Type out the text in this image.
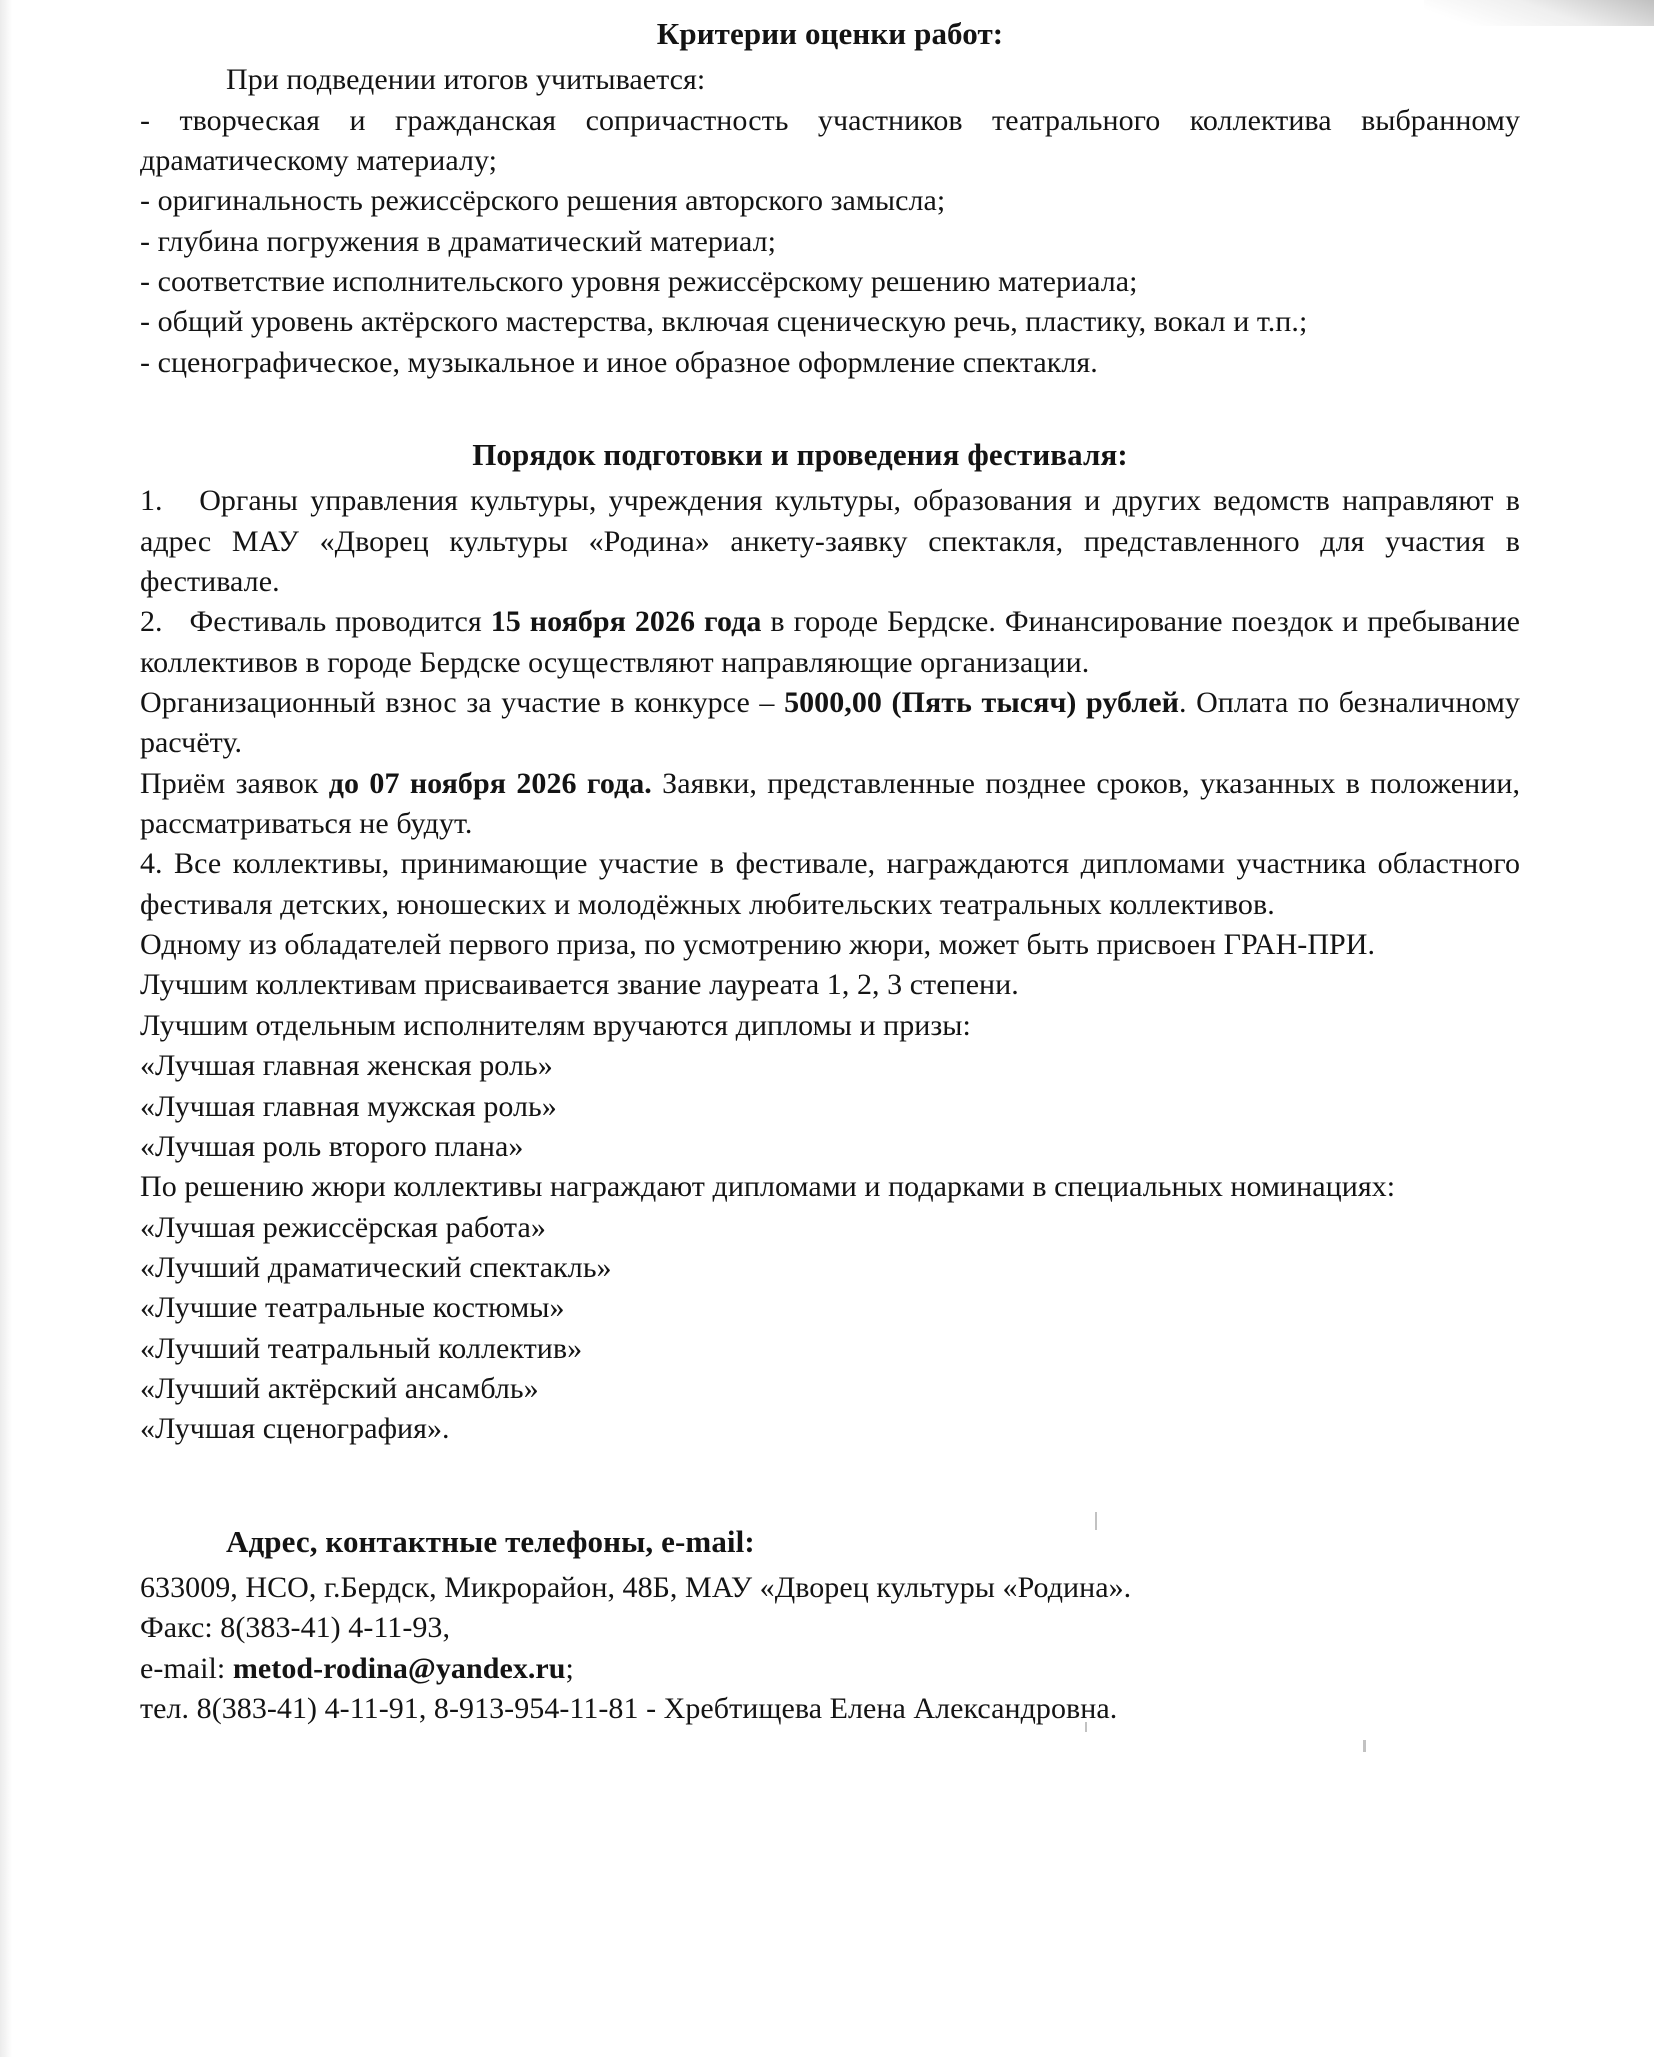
Критерии оценки работ:

При подведении итогов учитывается:

- творческая и гражданская сопричастность участников театрального коллектива выбранному драматическому материалу;

- оригинальность режиссёрского решения авторского замысла;

- глубина погружения в драматический материал;

- соответствие исполнительского уровня режиссёрскому решению материала;

- общий уровень актёрского мастерства, включая сценическую речь, пластику, вокал и т.п.;

- сценографическое, музыкальное и иное образное оформление спектакля.

Порядок подготовки и проведения фестиваля:

1.   Органы управления культуры, учреждения культуры, образования и других ведомств направляют в адрес МАУ «Дворец культуры «Родина» анкету-заявку спектакля, представленного для участия в фестивале.

2.   Фестиваль проводится 15 ноября 2026 года в городе Бердске. Финансирование поездок и пребывание коллективов в городе Бердске осуществляют направляющие организации.

Организационный взнос за участие в конкурсе – 5000,00 (Пять тысяч) рублей. Оплата по безналичному расчёту.

Приём заявок до 07 ноября 2026 года. Заявки, представленные позднее сроков, указанных в положении, рассматриваться не будут.

4. Все коллективы, принимающие участие в фестивале, награждаются дипломами участника областного фестиваля детских, юношеских и молодёжных любительских театральных коллективов.

Одному из обладателей первого приза, по усмотрению жюри, может быть присвоен ГРАН-ПРИ.

Лучшим коллективам присваивается звание лауреата 1, 2, 3 степени.

Лучшим отдельным исполнителям вручаются дипломы и призы:

«Лучшая главная женская роль»

«Лучшая главная мужская роль»

«Лучшая роль второго плана»

По решению жюри коллективы награждают дипломами и подарками в специальных номинациях:

«Лучшая режиссёрская работа»

«Лучший драматический спектакль»

«Лучшие театральные костюмы»

«Лучший театральный коллектив»

«Лучший актёрский ансамбль»

«Лучшая сценография».

Адрес, контактные телефоны, e-mail:

633009, НСО, г.Бердск, Микрорайон, 48Б, МАУ «Дворец культуры «Родина».

Факс: 8(383-41) 4-11-93,

e-mail: metod-rodina@yandex.ru;

тел. 8(383-41) 4-11-91, 8-913-954-11-81 - Хребтищева Елена Александровна.
